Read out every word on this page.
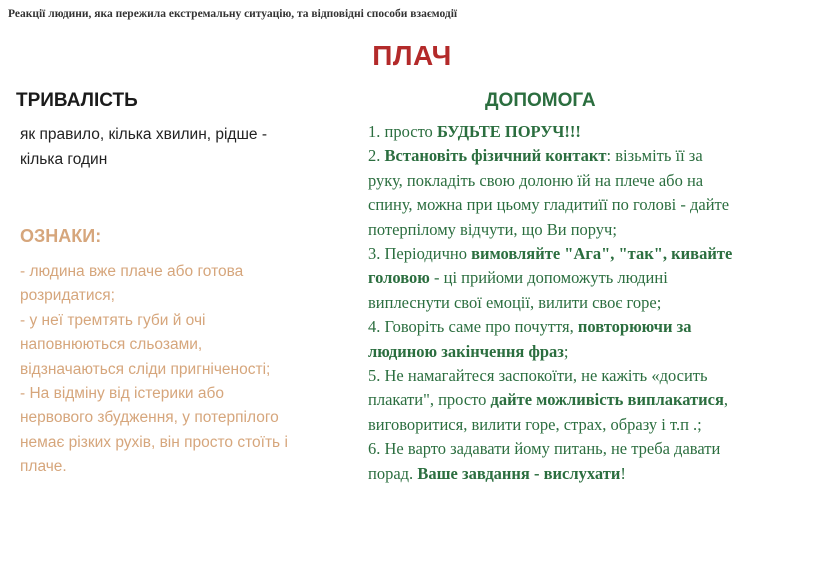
Реакції людини, яка пережила екстремальну ситуацію, та відповідні способи взаємодії
ПЛАЧ
ТРИВАЛІСТЬ
як правило, кілька хвилин, рідше -
кілька годин
ОЗНАКИ:
- людина вже плаче або готова
розридатися;
- у неї тремтять губи й очі
наповнюються сльозами,
відзначаються сліди пригніченості;
- На відміну від істерики або
нервового збудження, у потерпілого
немає різких рухів, він просто стоїть і
плаче.
ДОПОМОГА
1. просто БУДЬТЕ ПОРУЧ!!!
2. Встановіть фізичний контакт: візьміть її за
руку, покладіть свою долоню їй на плече або на
спину, можна при цьому гладитиїї по голові - дайте
потерпілому відчути, що Ви поруч;
3. Періодично вимовляйте "Ага", "так", кивайте
головою - ці прийоми допоможуть людині
виплеснути свої емоції, вилити своє горе;
4. Говоріть саме про почуття, повторюючи за
людиною закінчення фраз;
5. Не намагайтеся заспокоїти, не кажіть «досить
плакати", просто дайте можливість виплакатися,
виговоритися, вилити горе, страх, образу і т.п .;
6. Не варто задавати йому питань, не треба давати
порад. Ваше завдання - вислухати!
